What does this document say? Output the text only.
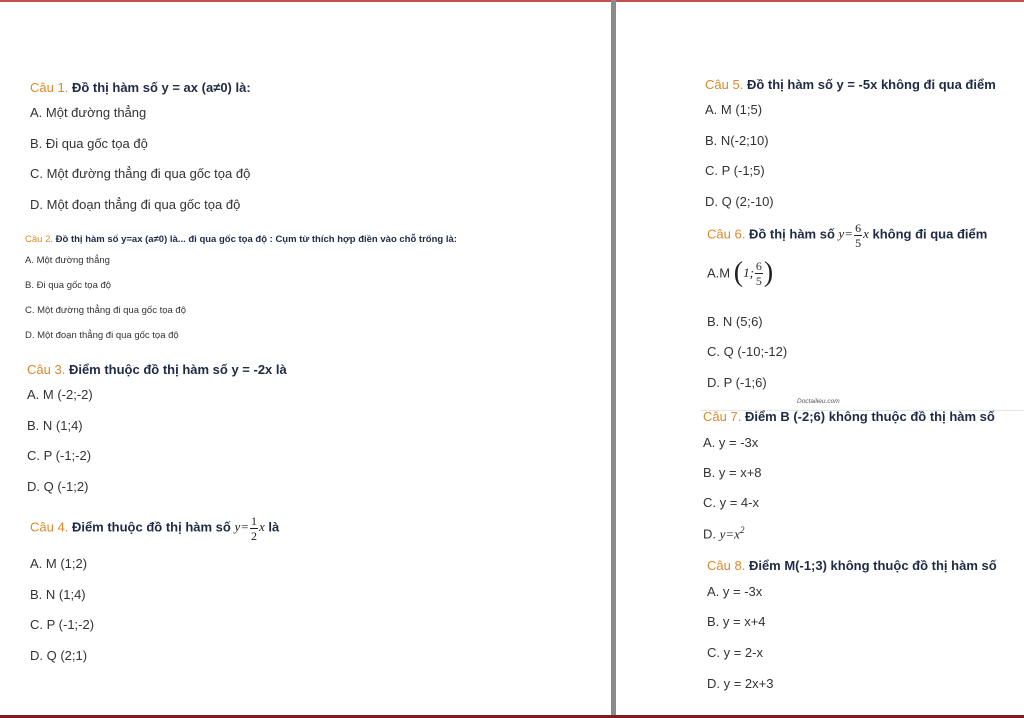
Câu 1. Đồ thị hàm số y = ax (a≠0) là:
A. Một đường thẳng
B. Đi qua gốc tọa độ
C. Một đường thẳng đi qua gốc tọa độ
D. Một đoạn thẳng đi qua gốc tọa độ
Câu 2. Đồ thị hàm số y=ax (a≠0) là... đi qua gốc tọa độ : Cụm từ thích hợp điền vào chỗ trống là:
A. Một đường thẳng
B. Đi qua gốc tọa độ
C. Một đường thẳng đi qua gốc tọa độ
D. Một đoạn thẳng đi qua gốc tọa độ
Câu 3. Điểm thuộc đồ thị hàm số y = -2x là
A. M (-2;-2)
B. N (1;4)
C. P (-1;-2)
D. Q (-1;2)
Câu 4. Điểm thuộc đồ thị hàm số $y= \frac{1}{2}$ x là
A. M (1;2)
B. N (1;4)
C. P (-1;-2)
D. Q (2;1)
Câu 5. Đồ thị hàm số y = -5x không đi qua điểm
A. M (1;5)
B. N(-2;10)
C. P (-1;5)
D. Q (2;-10)
Câu 6. Đồ thị hàm số $y= \frac{6}{5}$ x không đi qua điểm
A.M (1; $\frac{6}{5}$ )
B. N (5;6)
C. Q (-10;-12)
D. P (-1;6)
Doctailieu.com
Câu 7. Điểm B (-2;6) không thuộc đồ thị hàm số
A. y = -3x
B. y = x+8
C. y = 4-x
D. $y=x^2$
Câu 8. Điểm M(-1;3) không thuộc đồ thị hàm số
A. y = -3x
B. y = x+4
C. y = 2-x
D. y = 2x+3
